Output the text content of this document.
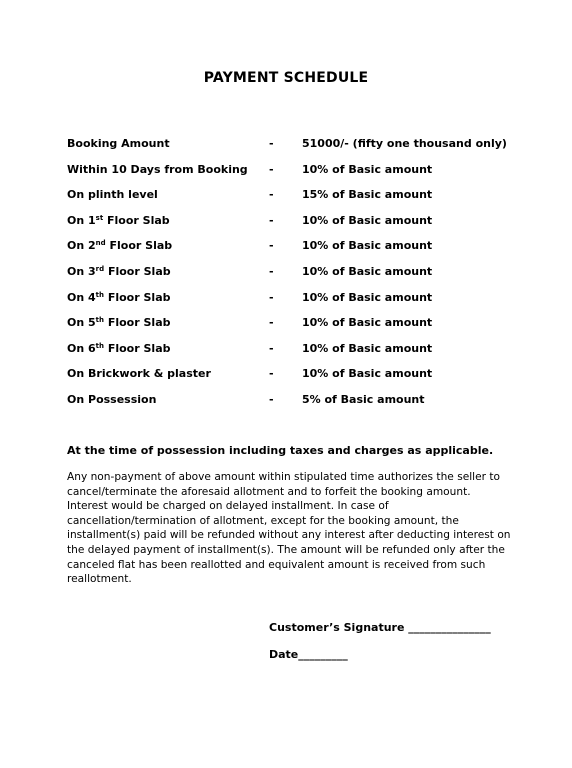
PAYMENT SCHEDULE
Booking Amount	-	51000/- (fifty one thousand only)
Within 10 Days from Booking -	10% of Basic amount
On plinth level	-	15% of Basic amount
On 1st Floor Slab	-	10% of Basic amount
On 2nd Floor Slab	-	10% of Basic amount
On 3rd Floor Slab	-	10% of Basic amount
On 4th Floor Slab	-	10% of Basic amount
On 5th Floor Slab	-	10% of Basic amount
On 6th Floor Slab	-	10% of Basic amount
On Brickwork & plaster	-	10% of Basic amount
On Possession	-	5% of Basic amount
At the time of possession including taxes and charges as applicable.
Any non-payment of above amount within stipulated time authorizes the seller to
cancel/terminate the aforesaid allotment and to forfeit the booking amount.
Interest would be charged on delayed installment. In case of
cancellation/termination of allotment, except for the booking amount, the
installment(s) paid will be refunded without any interest after deducting interest on
the delayed payment of installment(s). The amount will be refunded only after the
canceled flat has been reallotted and equivalent amount is received from such
reallotment.
Customer’s Signature _______________
Date_________
